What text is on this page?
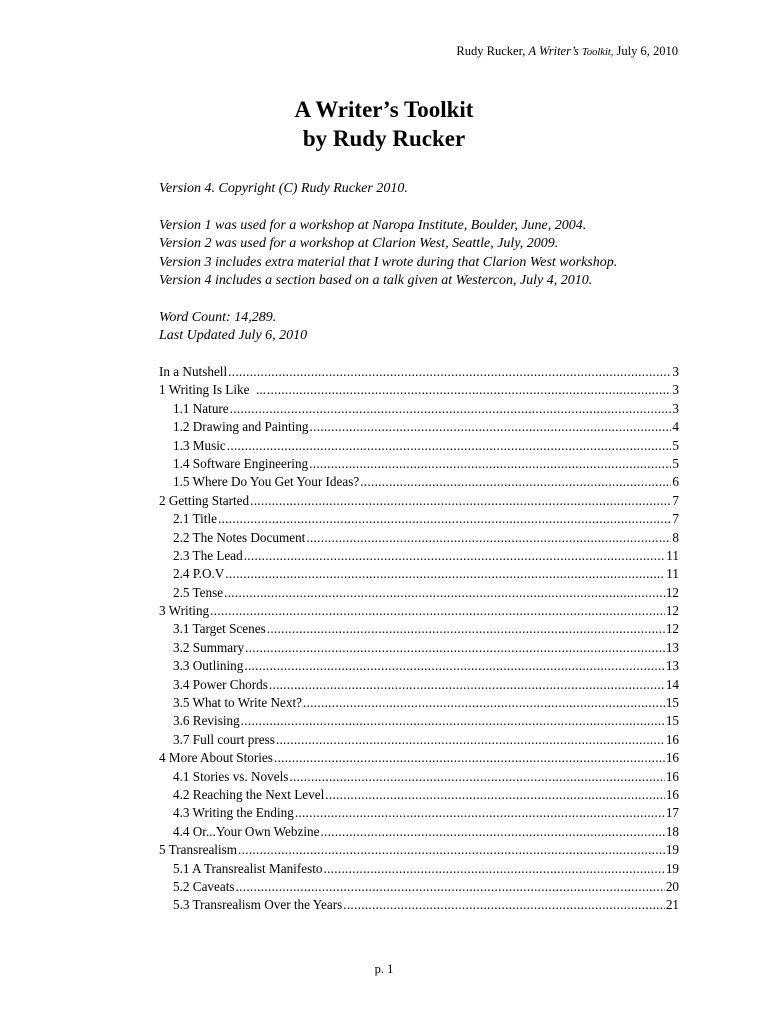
Rudy Rucker, A Writer’s Toolkit, July 6, 2010
A Writer’s Toolkit
by Rudy Rucker

Version 4. Copyright (C) Rudy Rucker 2010.

Version 1 was used for a workshop at Naropa Institute, Boulder, June, 2004.

Version 2 was used for a workshop at Clarion West, Seattle, July, 2009.

Version 3 includes extra material that I wrote during that Clarion West workshop.

Version 4 includes a section based on a talk given at Westercon, July 4, 2010.

Word Count: 14,289.

Last Updated July 6, 2010

In a Nutshell .....	3
1 Writing Is Like  ... .....	3
1.1 Nature .....	3
1.2 Drawing and Painting .....	4
1.3 Music .....	5
1.4 Software Engineering .....	5
1.5 Where Do You Get Your Ideas? .....	6
2 Getting Started .....	7
2.1 Title .....	7
2.2 The Notes Document .....	8
2.3 The Lead .....	11
2.4 P.O.V .....	11
2.5 Tense .....	12
3 Writing .....	12
3.1 Target Scenes .....	12
3.2 Summary .....	13
3.3 Outlining .....	13
3.4 Power Chords .....	14
3.5 What to Write Next? .....	15
3.6 Revising .....	15
3.7 Full court press .....	16
4 More About Stories .....	16
4.1 Stories vs. Novels .....	16
4.2 Reaching the Next Level .....	16
4.3 Writing the Ending .....	17
4.4 Or...Your Own Webzine .....	18
5 Transrealism .....	19
5.1 A Transrealist Manifesto .....	19
5.2 Caveats .....	20
5.3 Transrealism Over the Years .....	21
p. 1
